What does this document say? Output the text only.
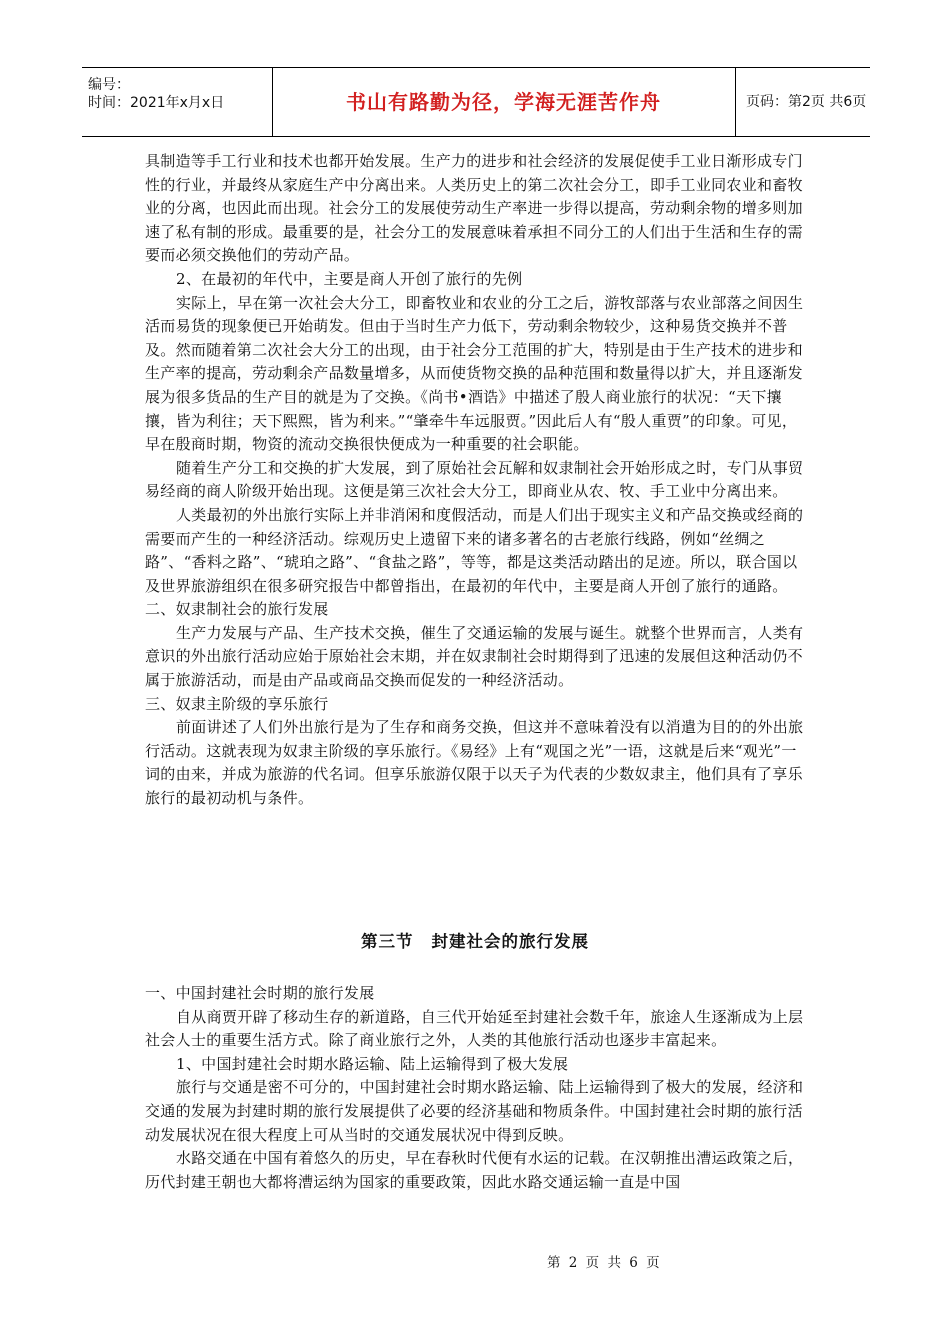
编号：
时间：2021年x月x日	书山有路勤为径，学海无涯苦作舟	页码：第2页 共6页

具制造等手工行业和技术也都开始发展。生产力的进步和社会经济的发展促使手工业日渐形成专门性的行业，并最终从家庭生产中分离出来。人类历史上的第二次社会分工，即手工业同农业和畜牧业的分离，也因此而出现。社会分工的发展使劳动生产率进一步得以提高，劳动剩余物的增多则加速了私有制的形成。最重要的是，社会分工的发展意味着承担不同分工的人们出于生活和生存的需要而必须交换他们的劳动产品。

2、在最初的年代中，主要是商人开创了旅行的先例

实际上，早在第一次社会大分工，即畜牧业和农业的分工之后，游牧部落与农业部落之间因生活而易货的现象便已开始萌发。但由于当时生产力低下，劳动剩余物较少，这种易货交换并不普及。然而随着第二次社会大分工的出现，由于社会分工范围的扩大，特别是由于生产技术的进步和生产率的提高，劳动剩余产品数量增多，从而使货物交换的品种范围和数量得以扩大，并且逐渐发展为很多货品的生产目的就是为了交换。《尚书•酒诰》中描述了殷人商业旅行的状况：“天下攘攘，皆为利往；天下熙熙，皆为利来。”“肇牵牛车远服贾。”因此后人有“殷人重贾”的印象。可见，早在殷商时期，物资的流动交换很快便成为一种重要的社会职能。

随着生产分工和交换的扩大发展，到了原始社会瓦解和奴隶制社会开始形成之时，专门从事贸易经商的商人阶级开始出现。这便是第三次社会大分工，即商业从农、牧、手工业中分离出来。

人类最初的外出旅行实际上并非消闲和度假活动，而是人们出于现实主义和产品交换或经商的需要而产生的一种经济活动。综观历史上遗留下来的诸多著名的古老旅行线路，例如“丝绸之路”、“香料之路”、“琥珀之路”、“食盐之路”，等等，都是这类活动踏出的足迹。所以，联合国以及世界旅游组织在很多研究报告中都曾指出，在最初的年代中，主要是商人开创了旅行的通路。

二、奴隶制社会的旅行发展

生产力发展与产品、生产技术交换，催生了交通运输的发展与诞生。就整个世界而言，人类有意识的外出旅行活动应始于原始社会末期，并在奴隶制社会时期得到了迅速的发展但这种活动仍不属于旅游活动，而是由产品或商品交换而促发的一种经济活动。

三、奴隶主阶级的享乐旅行

前面讲述了人们外出旅行是为了生存和商务交换，但这并不意味着没有以消遣为目的的外出旅行活动。这就表现为奴隶主阶级的享乐旅行。《易经》上有“观国之光”一语，这就是后来“观光”一词的由来，并成为旅游的代名词。但享乐旅游仅限于以天子为代表的少数奴隶主，他们具有了享乐旅行的最初动机与条件。

第三节 封建社会的旅行发展

一、中国封建社会时期的旅行发展

自从商贾开辟了移动生存的新道路，自三代开始延至封建社会数千年，旅途人生逐渐成为上层社会人士的重要生活方式。除了商业旅行之外，人类的其他旅行活动也逐步丰富起来。

1、中国封建社会时期水路运输、陆上运输得到了极大发展

旅行与交通是密不可分的，中国封建社会时期水路运输、陆上运输得到了极大的发展，经济和交通的发展为封建时期的旅行发展提供了必要的经济基础和物质条件。中国封建社会时期的旅行活动发展状况在很大程度上可从当时的交通发展状况中得到反映。

水路交通在中国有着悠久的历史，早在春秋时代便有水运的记载。在汉朝推出漕运政策之后，历代封建王朝也大都将漕运纳为国家的重要政策，因此水路交通运输一直是中国

第 2 页 共 6 页
